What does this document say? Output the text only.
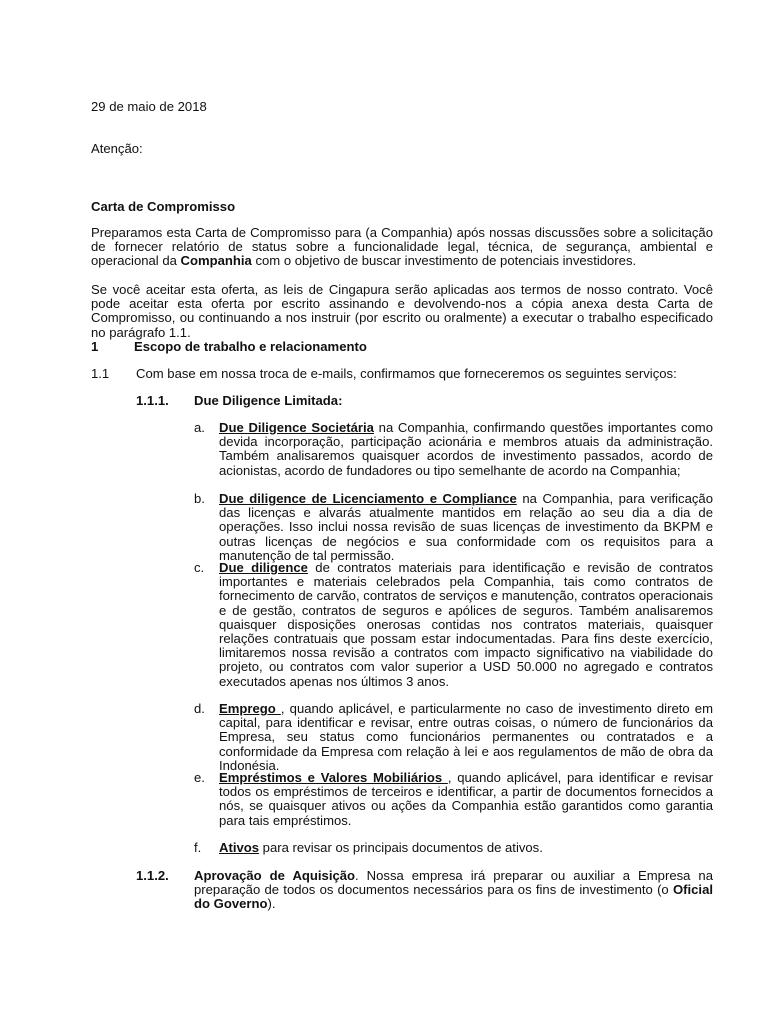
29 de maio de 2018
Atenção:
Carta de Compromisso
Preparamos esta Carta de Compromisso para (a Companhia) após nossas discussões sobre a solicitação de fornecer relatório de status sobre a funcionalidade legal, técnica, de segurança, ambiental e operacional da Companhia com o objetivo de buscar investimento de potenciais investidores.
Se você aceitar esta oferta, as leis de Cingapura serão aplicadas aos termos de nosso contrato. Você pode aceitar esta oferta por escrito assinando e devolvendo-nos a cópia anexa desta Carta de Compromisso, ou continuando a nos instruir (por escrito ou oralmente) a executar o trabalho especificado no parágrafo 1.1.
1	Escopo de trabalho e relacionamento
1.1 Com base em nossa troca de e-mails, confirmamos que forneceremos os seguintes serviços:
1.1.1. Due Diligence Limitada:
a. Due Diligence Societária na Companhia, confirmando questões importantes como devida incorporação, participação acionária e membros atuais da administração. Também analisaremos quaisquer acordos de investimento passados, acordo de acionistas, acordo de fundadores ou tipo semelhante de acordo na Companhia;
b. Due diligence de Licenciamento e Compliance na Companhia, para verificação das licenças e alvarás atualmente mantidos em relação ao seu dia a dia de operações. Isso inclui nossa revisão de suas licenças de investimento da BKPM e outras licenças de negócios e sua conformidade com os requisitos para a manutenção de tal permissão.
c. Due diligence de contratos materiais para identificação e revisão de contratos importantes e materiais celebrados pela Companhia, tais como contratos de fornecimento de carvão, contratos de serviços e manutenção, contratos operacionais e de gestão, contratos de seguros e apólices de seguros. Também analisaremos quaisquer disposições onerosas contidas nos contratos materiais, quaisquer relações contratuais que possam estar indocumentadas. Para fins deste exercício, limitaremos nossa revisão a contratos com impacto significativo na viabilidade do projeto, ou contratos com valor superior a USD 50.000 no agregado e contratos executados apenas nos últimos 3 anos.
d. Emprego , quando aplicável, e particularmente no caso de investimento direto em capital, para identificar e revisar, entre outras coisas, o número de funcionários da Empresa, seu status como funcionários permanentes ou contratados e a conformidade da Empresa com relação à lei e aos regulamentos de mão de obra da Indonésia.
e. Empréstimos e Valores Mobiliários , quando aplicável, para identificar e revisar todos os empréstimos de terceiros e identificar, a partir de documentos fornecidos a nós, se quaisquer ativos ou ações da Companhia estão garantidos como garantia para tais empréstimos.
f. Ativos para revisar os principais documentos de ativos.
1.1.2. Aprovação de Aquisição. Nossa empresa irá preparar ou auxiliar a Empresa na preparação de todos os documentos necessários para os fins de investimento (o Oficial do Governo).
